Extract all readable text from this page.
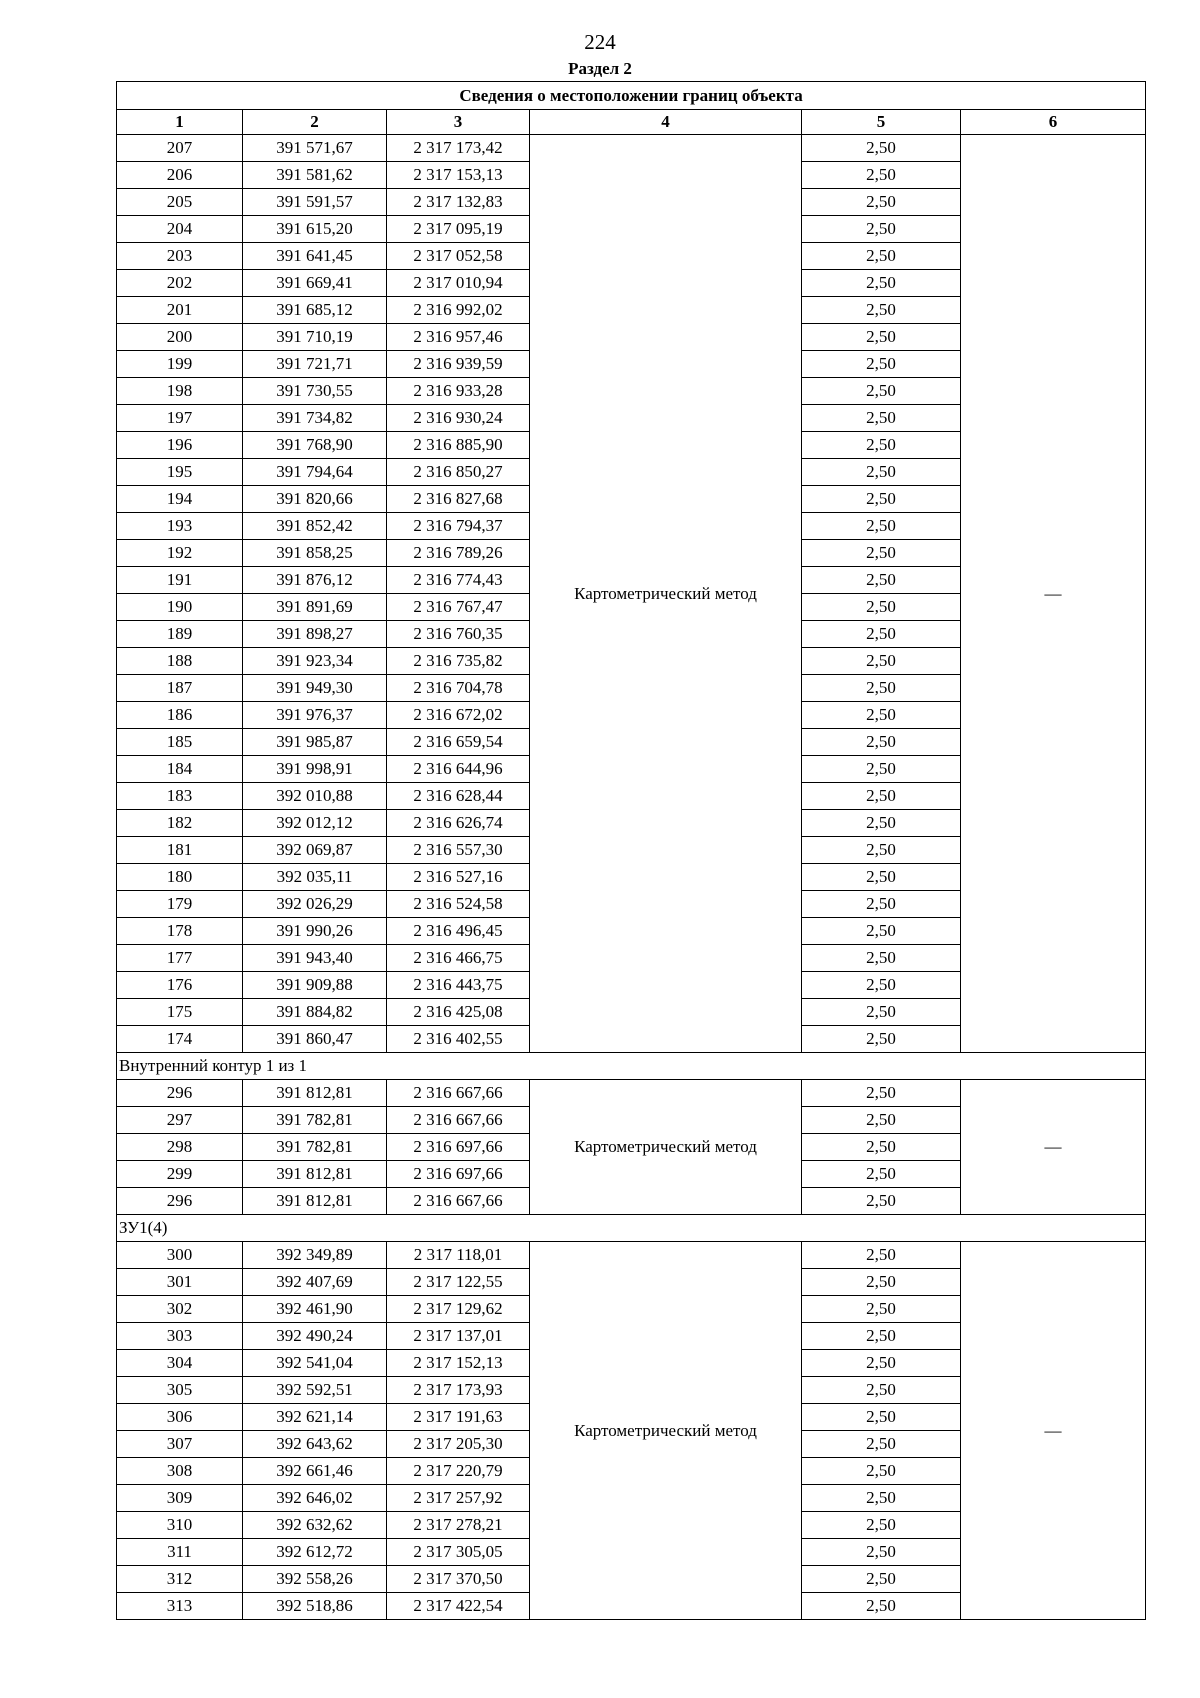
224
Раздел 2
Сведения о местоположении границ объекта					
1	2	3	4	5	6
207	391 571,67	2 317 173,42	Картометрический метод	2,50	—
206	391 581,62	2 317 153,13		2,50	
205	391 591,57	2 317 132,83		2,50	
204	391 615,20	2 317 095,19		2,50	
203	391 641,45	2 317 052,58		2,50	
202	391 669,41	2 317 010,94		2,50	
201	391 685,12	2 316 992,02		2,50	
200	391 710,19	2 316 957,46		2,50	
199	391 721,71	2 316 939,59		2,50	
198	391 730,55	2 316 933,28		2,50	
197	391 734,82	2 316 930,24		2,50	
196	391 768,90	2 316 885,90		2,50	
195	391 794,64	2 316 850,27		2,50	
194	391 820,66	2 316 827,68		2,50	
193	391 852,42	2 316 794,37		2,50	
192	391 858,25	2 316 789,26		2,50	
191	391 876,12	2 316 774,43		2,50	
190	391 891,69	2 316 767,47		2,50	
189	391 898,27	2 316 760,35		2,50	
188	391 923,34	2 316 735,82		2,50	
187	391 949,30	2 316 704,78		2,50	
186	391 976,37	2 316 672,02		2,50	
185	391 985,87	2 316 659,54		2,50	
184	391 998,91	2 316 644,96		2,50	
183	392 010,88	2 316 628,44		2,50	
182	392 012,12	2 316 626,74		2,50	
181	392 069,87	2 316 557,30		2,50	
180	392 035,11	2 316 527,16		2,50	
179	392 026,29	2 316 524,58		2,50	
178	391 990,26	2 316 496,45		2,50	
177	391 943,40	2 316 466,75		2,50	
176	391 909,88	2 316 443,75		2,50	
175	391 884,82	2 316 425,08		2,50	
174	391 860,47	2 316 402,55		2,50	
Внутренний контур 1 из 1					
296	391 812,81	2 316 667,66	Картометрический метод	2,50	—
297	391 782,81	2 316 667,66		2,50	
298	391 782,81	2 316 697,66		2,50	
299	391 812,81	2 316 697,66		2,50	
296	391 812,81	2 316 667,66		2,50	
ЗУ1(4)					
300	392 349,89	2 317 118,01	Картометрический метод	2,50	—
301	392 407,69	2 317 122,55		2,50	
302	392 461,90	2 317 129,62		2,50	
303	392 490,24	2 317 137,01		2,50	
304	392 541,04	2 317 152,13		2,50	
305	392 592,51	2 317 173,93		2,50	
306	392 621,14	2 317 191,63		2,50	
307	392 643,62	2 317 205,30		2,50	
308	392 661,46	2 317 220,79		2,50	
309	392 646,02	2 317 257,92		2,50	
310	392 632,62	2 317 278,21		2,50	
311	392 612,72	2 317 305,05		2,50	
312	392 558,26	2 317 370,50		2,50	
313	392 518,86	2 317 422,54		2,50	
